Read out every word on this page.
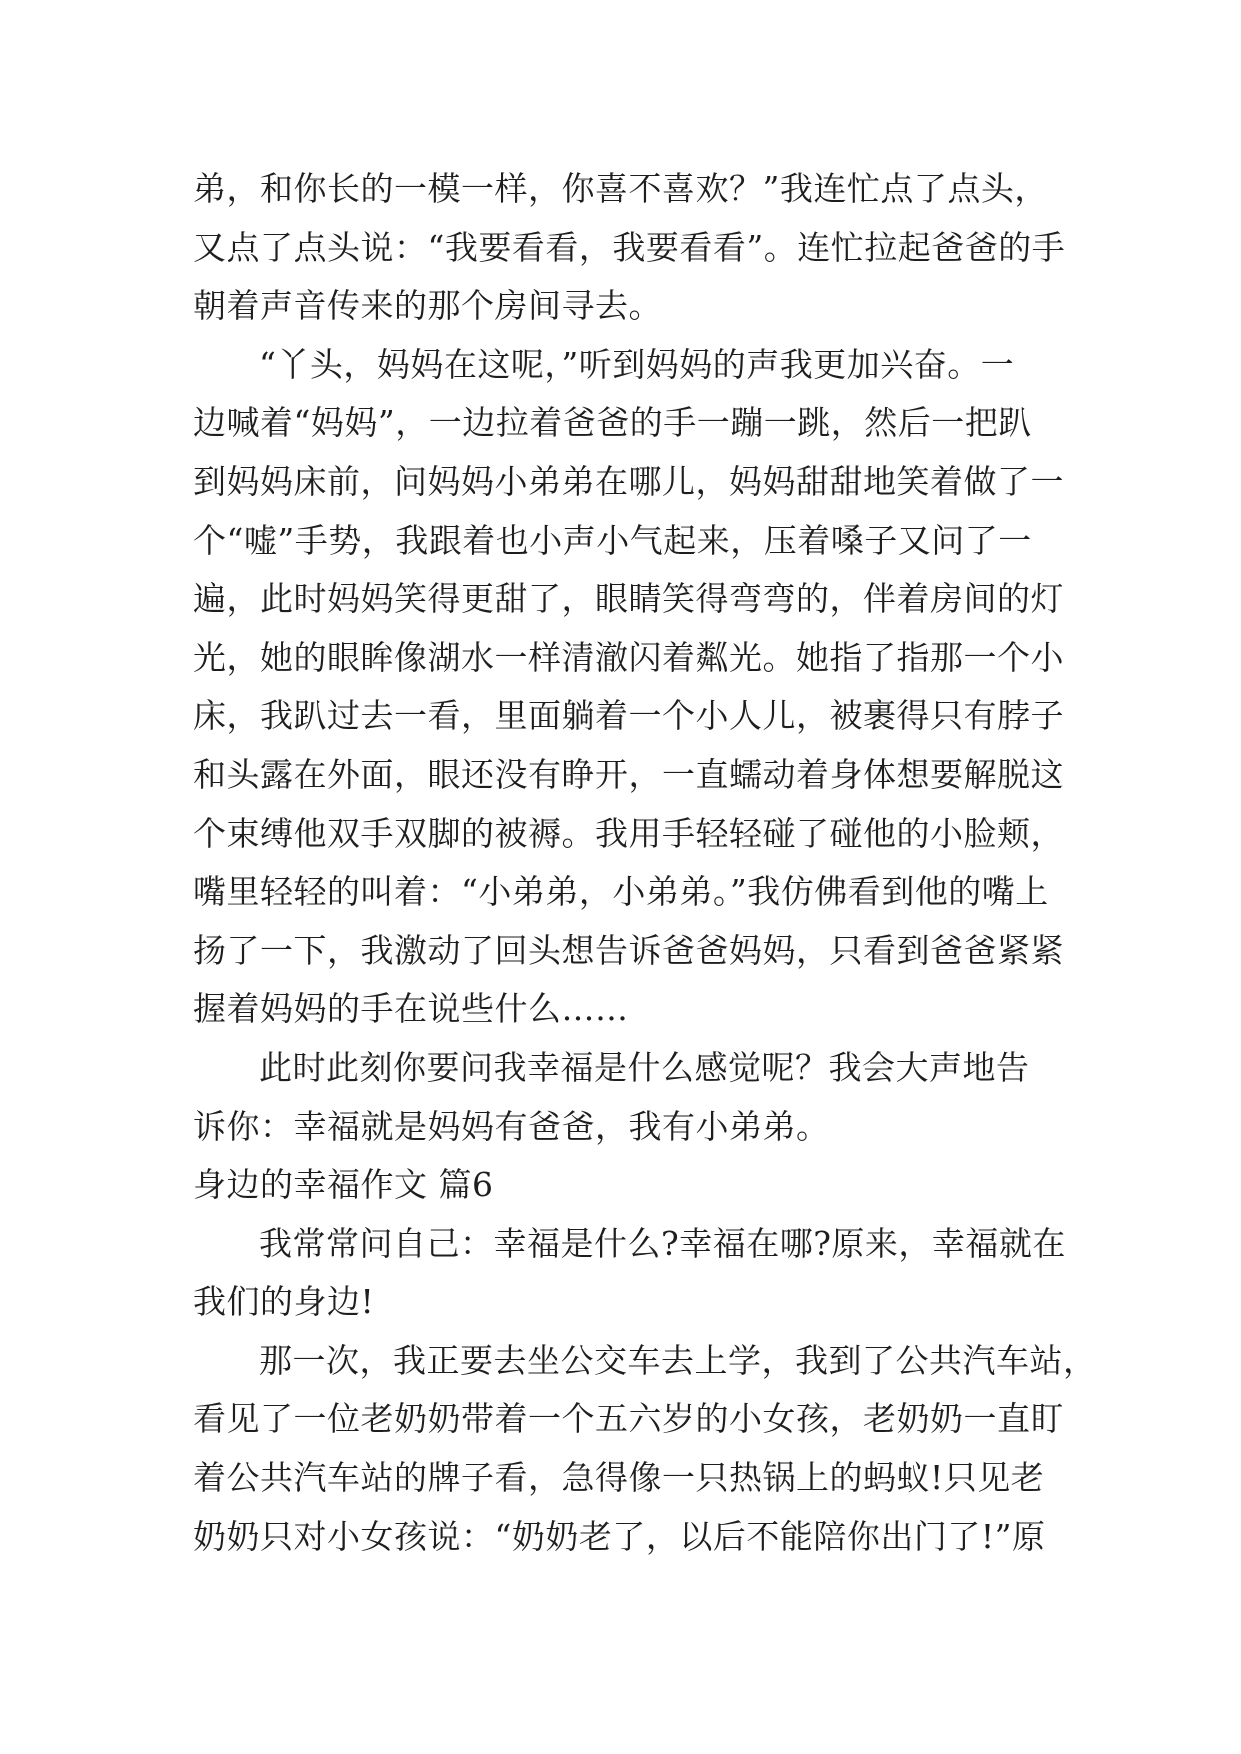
弟，和你长的一模一样，你喜不喜欢？”我连忙点了点头，
又点了点头说：“我要看看，我要看看”。连忙拉起爸爸的手
朝着声音传来的那个房间寻去。
“丫头，妈妈在这呢，”听到妈妈的声我更加兴奋。一
边喊着“妈妈”，一边拉着爸爸的手一蹦一跳，然后一把趴
到妈妈床前，问妈妈小弟弟在哪儿，妈妈甜甜地笑着做了一
个“嘘”手势，我跟着也小声小气起来，压着嗓子又问了一
遍，此时妈妈笑得更甜了，眼睛笑得弯弯的，伴着房间的灯
光，她的眼眸像湖水一样清澈闪着粼光。她指了指那一个小
床，我趴过去一看，里面躺着一个小人儿，被裹得只有脖子
和头露在外面，眼还没有睁开，一直蠕动着身体想要解脱这
个束缚他双手双脚的被褥。我用手轻轻碰了碰他的小脸颊，
嘴里轻轻的叫着：“小弟弟，小弟弟。”我仿佛看到他的嘴上
扬了一下，我激动了回头想告诉爸爸妈妈，只看到爸爸紧紧
握着妈妈的手在说些什么……
此时此刻你要问我幸福是什么感觉呢？我会大声地告
诉你：幸福就是妈妈有爸爸，我有小弟弟。
身边的幸福作文 篇6
我常常问自己：幸福是什么?幸福在哪?原来，幸福就在
我们的身边!
那一次，我正要去坐公交车去上学，我到了公共汽车站，
看见了一位老奶奶带着一个五六岁的小女孩，老奶奶一直盯
着公共汽车站的牌子看，急得像一只热锅上的蚂蚁!只见老
奶奶只对小女孩说：“奶奶老了，以后不能陪你出门了!”原
